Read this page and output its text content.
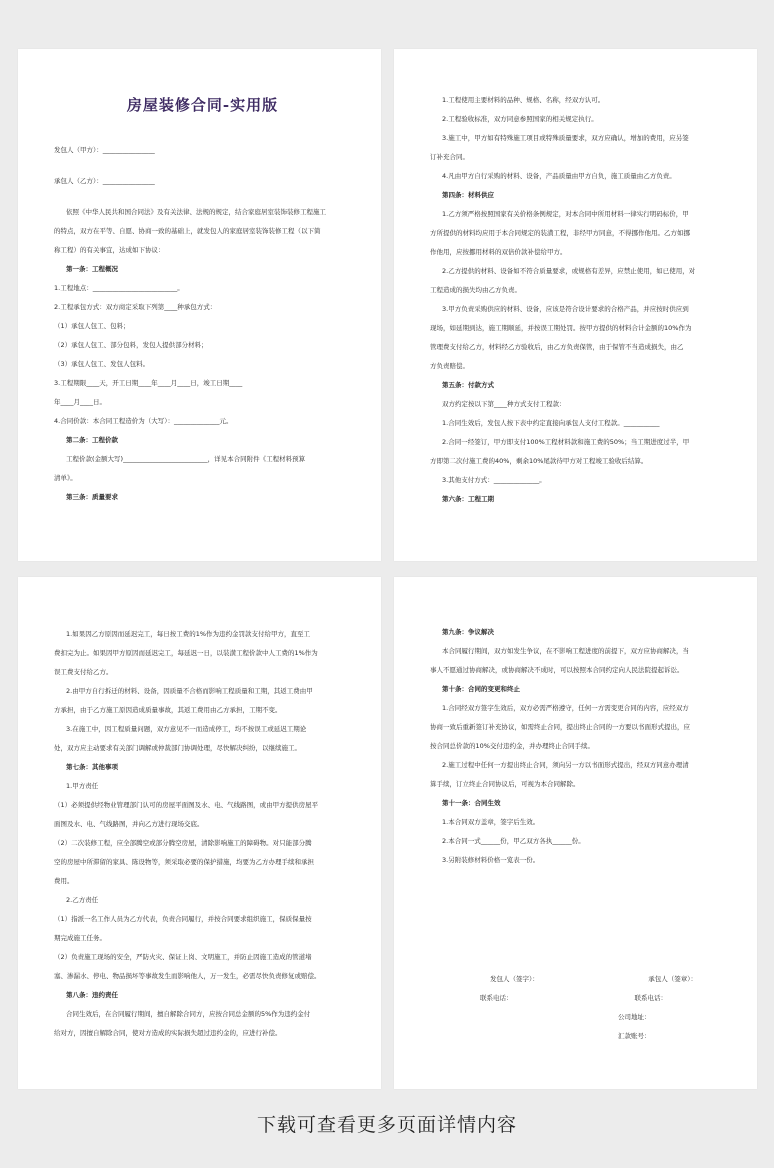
房屋装修合同-实用版
发包人（甲方）：________________
承包人（乙方）：________________
依照《中华人民共和国合同法》及有关法律、法规的规定，结合家庭居室装饰装修工程施工
的特点，双方在平等、自愿、协商一致的基础上，就发包人的家庭居室装饰装修工程（以下简
称工程）的有关事宜，达成如下协议：
第一条：工程概况
1.工程地点：__________________________。
2.工程承包方式：双方商定采取下列第____种承包方式：
（1）承包人包工、包料；
（2）承包人包工、部分包料，发包人提供部分材料；
（3）承包人包工、发包人包料。
3.工程期限____天，开工日期____年____月____日，竣工日期____
年____月____日。
4.合同价款：本合同工程造价为（大写）：______________元。
第二条：工程价款
工程价款(金额大写)__________________________，详见本合同附件《工程材料预算
清单》。
第三条：质量要求
1.工程使用主要材料的品种、规格、名称，经双方认可。
2.工程验收标准，双方同意参照国家的相关规定执行。
3.施工中，甲方如有特殊施工项目或特殊质量要求，双方应确认，增加的费用，应另签
订补充合同。
4.凡由甲方自行采购的材料、设备，产品质量由甲方自负，施工质量由乙方负责。
第四条：材料供应
1.乙方须严格按照国家有关价格条例规定，对本合同中所用材料一律实行明码标价，甲
方所提供的材料均应用于本合同规定的装潢工程，非经甲方同意，不得挪作他用。乙方如挪
作他用，应按挪用材料的双倍价款补偿给甲方。
2.乙方提供的材料、设备如不符合质量要求，或规格有差异，应禁止使用，如已使用，对
工程造成的损失均由乙方负责。
3.甲方负责采购供应的材料、设备，应该是符合设计要求的合格产品，并应按时供应到
现场，如延期到达，施工期顺延，并按误工期处罚。按甲方提供的材料合计金额的10%作为
管理费支付给乙方，材料经乙方验收后，由乙方负责保管，由于保管不当造成损失，由乙
方负责赔偿。
第五条：付款方式
双方约定按以下第____种方式支付工程款：
1.合同生效后，发包人按下表中约定直接向承包人支付工程款。___________
2.合同一经签订，甲方即支付100%工程材料款和施工费的50%；当工期进度过半，甲
方即第二次付施工费的40%，剩余10%尾款待甲方对工程竣工验收后结算。
3.其他支付方式：______________。
第六条：工程工期
1.如果因乙方原因而延迟完工，每日按工费的1%作为违约金罚款支付给甲方，直至工
费扣完为止。如果因甲方原因而延迟完工，每延迟一日，以装潢工程价款中人工费的1%作为
误工费支付给乙方。
2.由甲方自行拆迁的材料、设备，因质量不合格而影响工程质量和工期，其返工费由甲
方承担，由于乙方施工原因造成质量事故，其返工费用由乙方承担，工期不变。
3.在施工中，因工程质量问题，双方意见不一而造成停工，均不按误工或延迟工期论
处，双方应主动要求有关部门调解或仲裁部门协调处理，尽快解决纠纷，以继续施工。
第七条：其他事项
1.甲方责任
（1）必须提供经物业管理部门认可的房屋平面图及水、电、气线路图，或由甲方提供房屋平
面图及水、电、气线路图，并向乙方进行现场交底。
（2）二次装修工程，应全部腾空或部分腾空房屋，清除影响施工的障碍物。对只能部分腾
空的房屋中所滞留的家具、陈设物等，须采取必要的保护措施，均要为乙方办理手续和承担
费用。
2.乙方责任
（1）指派一名工作人员为乙方代表，负责合同履行，并按合同要求组织施工，保质保量按
期完成施工任务。
（2）负责施工现场的安全，严防火灾、保证上岗、文明施工，并防止因施工造成的管道堵
塞、渗漏水、停电、物品损坏等事故发生而影响他人，万一发生，必需尽快负责修复或赔偿。
第八条：违约责任
合同生效后，在合同履行期间，擅自解除合同方，应按合同总金额的5%作为违约金付
给对方，因擅自解除合同，使对方造成的实际损失超过违约金的，应进行补偿。
第九条：争议解决
本合同履行期间，双方如发生争议，在不影响工程进度的前提下，双方应协商解决，当
事人不愿通过协商解决，或协商解决不成时，可以按照本合同约定向人民法院提起诉讼。
第十条：合同的变更和终止
1.合同经双方签字生效后，双方必需严格遵守，任何一方需变更合同的内容，应经双方
协商一致后重新签订补充协议，如需终止合同，提出终止合同的一方要以书面形式提出，应
按合同总价款的10%交付违约金，并办理终止合同手续。
2.施工过程中任何一方提出终止合同，须向另一方以书面形式提出，经双方同意办理清
算手续，订立终止合同协议后，可视为本合同解除。
第十一条：合同生效
1.本合同双方盖章，签字后生效。
2.本合同一式______份，甲乙双方各执______份。
3.另附装修材料价格一览表一份。
发包人（签字）：	承包人（签章）：
联系电话：	联系电话：
公司地址：
汇款账号：
下载可查看更多页面详情内容
